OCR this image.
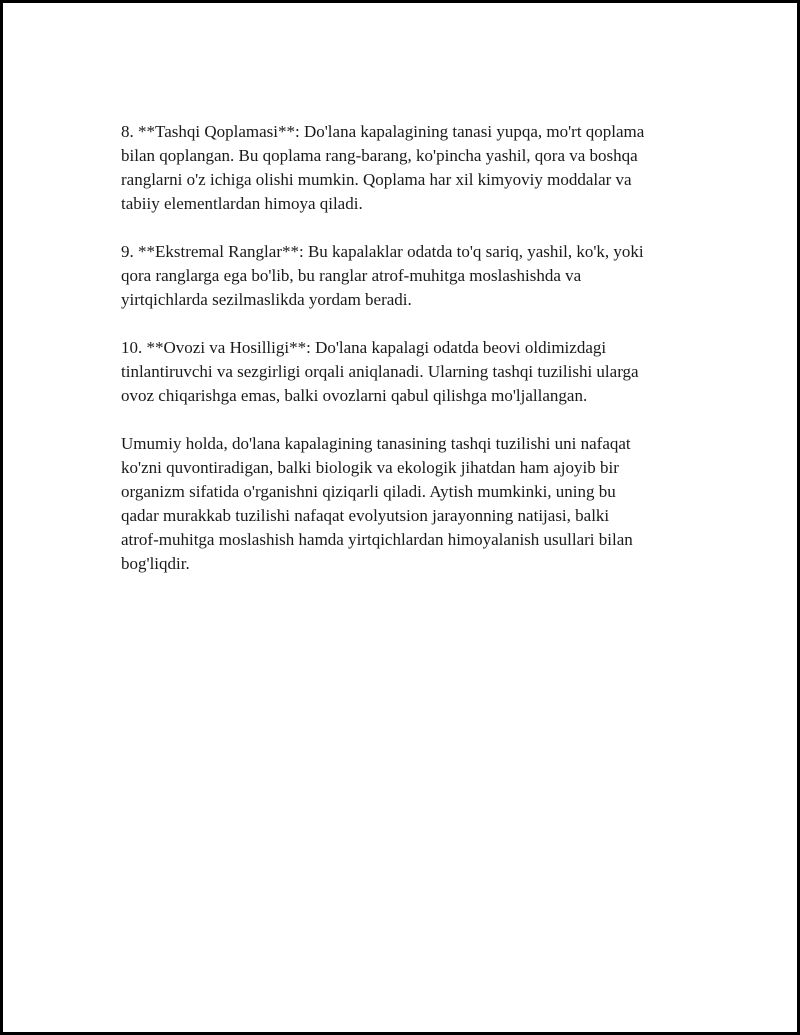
8. **Tashqi Qoplamasi**: Do'lana kapalagining tanasi yupqa, mo'rt qoplama
bilan qoplangan. Bu qoplama rang-barang, ko'pincha yashil, qora va boshqa
ranglarni o'z ichiga olishi mumkin. Qoplama har xil kimyoviy moddalar va
tabiiy elementlardan himoya qiladi.

9. **Ekstremal Ranglar**: Bu kapalaklar odatda to'q sariq, yashil, ko'k, yoki
qora ranglarga ega bo'lib, bu ranglar atrof-muhitga moslashishda va
yirtqichlarda sezilmaslikda yordam beradi.

10. **Ovozi va Hosilligi**: Do'lana kapalagi odatda beovi oldimizdagi
tinlantiruvchi va sezgirligi orqali aniqlanadi. Ularning tashqi tuzilishi ularga
ovoz chiqarishga emas, balki ovozlarni qabul qilishga mo'ljallangan.

Umumiy holda, do'lana kapalagining tanasining tashqi tuzilishi uni nafaqat
ko'zni quvontiradigan, balki biologik va ekologik jihatdan ham ajoyib bir
organizm sifatida o'rganishni qiziqarli qiladi. Aytish mumkinki, uning bu
qadar murakkab tuzilishi nafaqat evolyutsion jarayonning natijasi, balki
atrof-muhitga moslashish hamda yirtqichlardan himoyalanish usullari bilan
bog'liqdir.
